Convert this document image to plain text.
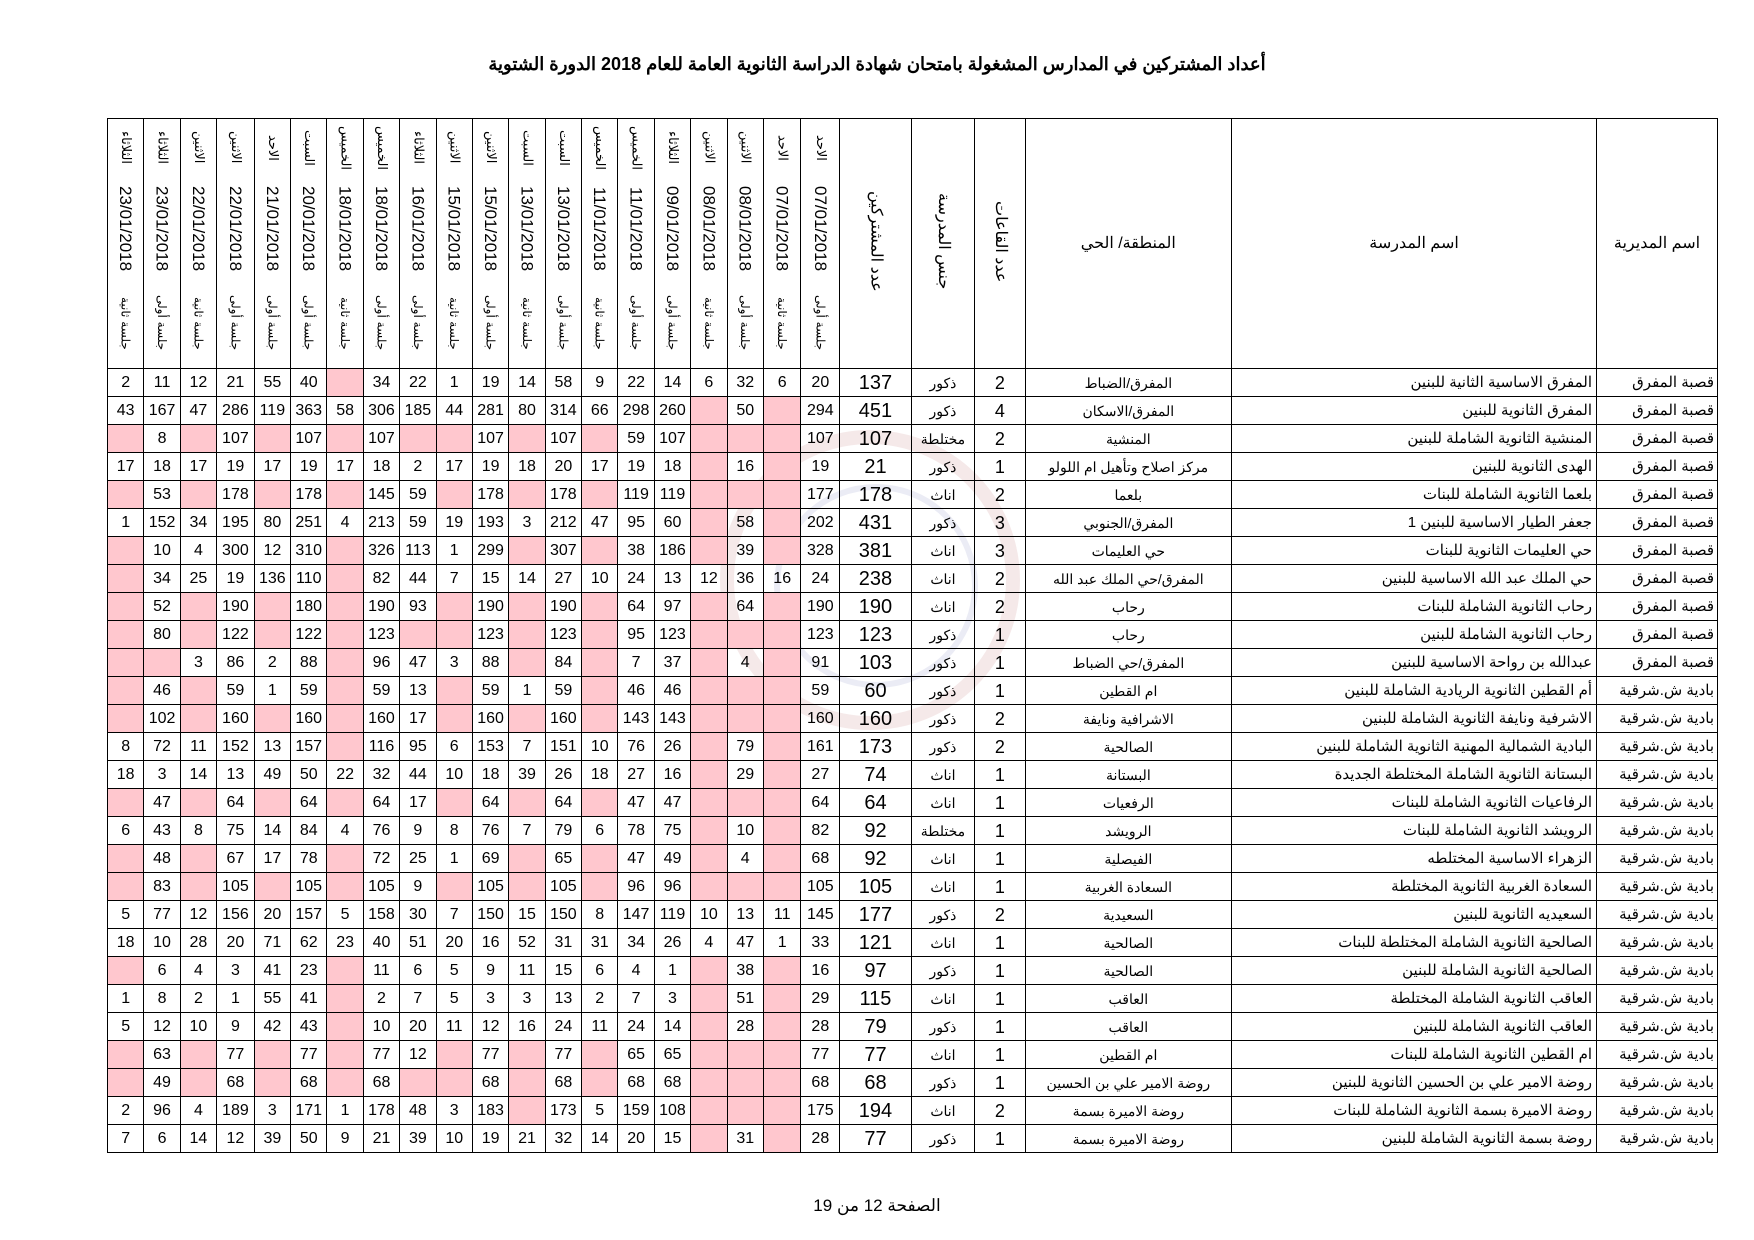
أعداد المشتركين في المدارس المشغولة بامتحان شهادة الدراسة الثانوية العامة للعام 2018 الدورة الشتوية
الثلاثاء	الثلاثاء	الاثنين	الاثنين	الاحد	السبت	الخميس	الخميس	الثلاثاء	الاثنين	الاثنين	السبت	السبت	الخميس	الخميس	الثلاثاء	الاثنين	الاثنين	الاحد	الاحد	عدد المشتركين	جنس المدرسة	عدد القاعات	المنطقة/ الحي	اسم المدرسة	اسم المديرية
23/01/2018	23/01/2018	22/01/2018	22/01/2018	21/01/2018	20/01/2018	18/01/2018	18/01/2018	16/01/2018	15/01/2018	15/01/2018	13/01/2018	13/01/2018	11/01/2018	11/01/2018	09/01/2018	08/01/2018	08/01/2018	07/01/2018	07/01/2018						
جلسة ثانية	جلسة أولى	جلسة ثانية	جلسة أولى	جلسة أولى	جلسة أولى	جلسة ثانية	جلسة أولى	جلسة أولى	جلسة ثانية	جلسة أولى	جلسة ثانية	جلسة أولى	جلسة ثانية	جلسة أولى	جلسة أولى	جلسة ثانية	جلسة أولى	جلسة ثانية	جلسة أولى						
2	11	12	21	55	40		34	22	1	19	14	58	9	22	14	6	32	6	20	137	ذكور	2	المفرق/الضباط	المفرق الاساسية الثانية للبنين	قصبة المفرق
43	167	47	286	119	363	58	306	185	44	281	80	314	66	298	260		50		294	451	ذكور	4	المفرق/الاسكان	المفرق الثانوية للبنين	قصبة المفرق
	8		107		107		107			107		107		59	107				107	107	مختلطة	2	المنشية	المنشية الثانوية الشاملة للبنين	قصبة المفرق
17	18	17	19	17	19	17	18	2	17	19	18	20	17	19	18		16		19	21	ذكور	1	مركز اصلاح وتأهيل ام اللولو	الهدى الثانوية للبنين	قصبة المفرق
	53		178		178		145	59		178		178		119	119				177	178	اناث	2	بلعما	بلعما الثانوية الشاملة للبنات	قصبة المفرق
1	152	34	195	80	251	4	213	59	19	193	3	212	47	95	60		58		202	431	ذكور	3	المفرق/الجنوبي	جعفر الطيار الاساسية للبنين 1	قصبة المفرق
	10	4	300	12	310		326	113	1	299		307		38	186		39		328	381	اناث	3	حي العليمات	حي العليمات الثانوية للبنات	قصبة المفرق
	34	25	19	136	110		82	44	7	15	14	27	10	24	13	12	36	16	24	238	اناث	2	المفرق/حي الملك عبد الله	حي الملك عبد الله الاساسية للبنين	قصبة المفرق
	52		190		180		190	93		190		190		64	97		64		190	190	اناث	2	رحاب	رحاب الثانوية الشاملة للبنات	قصبة المفرق
	80		122		122		123			123		123		95	123				123	123	ذكور	1	رحاب	رحاب الثانوية الشاملة للبنين	قصبة المفرق
		3	86	2	88		96	47	3	88		84		7	37		4		91	103	ذكور	1	المفرق/حي الضباط	عبدالله بن رواحة الاساسية للبنين	قصبة المفرق
	46		59	1	59		59	13		59	1	59		46	46				59	60	ذكور	1	ام القطين	أم القطين الثانوية الريادية الشاملة للبنين	بادية ش.شرقية
	102		160		160		160	17		160		160		143	143				160	160	ذكور	2	الاشرافية ونايفة	الاشرفية ونايفة الثانوية الشاملة للبنين	بادية ش.شرقية
8	72	11	152	13	157		116	95	6	153	7	151	10	76	26		79		161	173	ذكور	2	الصالحية	البادية الشمالية المهنية الثانوية الشاملة للبنين	بادية ش.شرقية
18	3	14	13	49	50	22	32	44	10	18	39	26	18	27	16		29		27	74	اناث	1	البستانة	البستانة الثانوية الشاملة المختلطة الجديدة	بادية ش.شرقية
	47		64		64		64	17		64		64		47	47				64	64	اناث	1	الرفعيات	الرفاعيات الثانوية الشاملة للبنات	بادية ش.شرقية
6	43	8	75	14	84	4	76	9	8	76	7	79	6	78	75		10		82	92	مختلطة	1	الرويشد	الرويشد الثانوية الشاملة للبنات	بادية ش.شرقية
	48		67	17	78		72	25	1	69		65		47	49		4		68	92	اناث	1	الفيصلية	الزهراء الاساسية المختلطه	بادية ش.شرقية
	83		105		105		105	9		105		105		96	96				105	105	اناث	1	السعادة الغربية	السعادة الغربية الثانوية المختلطة	بادية ش.شرقية
5	77	12	156	20	157	5	158	30	7	150	15	150	8	147	119	10	13	11	145	177	ذكور	2	السعيدية	السعيديه الثانوية للبنين	بادية ش.شرقية
18	10	28	20	71	62	23	40	51	20	16	52	31	31	34	26	4	47	1	33	121	اناث	1	الصالحية	الصالحية الثانوية الشاملة المختلطة للبنات	بادية ش.شرقية
	6	4	3	41	23		11	6	5	9	11	15	6	4	1		38		16	97	ذكور	1	الصالحية	الصالحية الثانوية الشاملة للبنين	بادية ش.شرقية
1	8	2	1	55	41		2	7	5	3	3	13	2	7	3		51		29	115	اناث	1	العاقب	العاقب الثانوية الشاملة المختلطة	بادية ش.شرقية
5	12	10	9	42	43		10	20	11	12	16	24	11	24	14		28		28	79	ذكور	1	العاقب	العاقب الثانوية الشاملة للبنين	بادية ش.شرقية
	63		77		77		77	12		77		77		65	65				77	77	اناث	1	ام القطين	ام القطين الثانوية الشاملة للبنات	بادية ش.شرقية
	49		68		68		68			68		68		68	68				68	68	ذكور	1	روضة الامير علي بن الحسين	روضة الامير علي بن الحسين الثانوية للبنين	بادية ش.شرقية
2	96	4	189	3	171	1	178	48	3	183		173	5	159	108				175	194	اناث	2	روضة الاميرة بسمة	روضة الاميرة بسمة الثانوية الشاملة للبنات	بادية ش.شرقية
7	6	14	12	39	50	9	21	39	10	19	21	32	14	20	15		31		28	77	ذكور	1	روضة الاميرة بسمة	روضة بسمة الثانوية الشاملة للبنين	بادية ش.شرقية
الصفحة 12 من 19
